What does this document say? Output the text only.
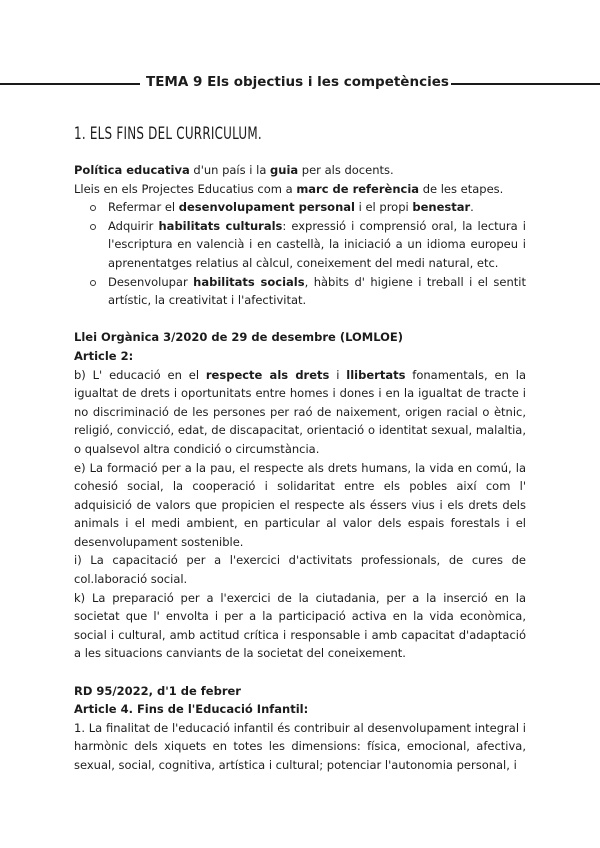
TEMA 9 Els objectius i les competències
1. ELS FINS DEL CURRICULUM.

Política educativa d'un país i la guia per als docents.

Lleis en els Projectes Educatius com a marc de referència de les etapes.

Refermar el desenvolupament personal i el propi benestar.
Adquirir habilitats culturals: expressió i comprensió oral, la lectura i l'escriptura en valencià i en castellà, la iniciació a un idioma europeu i aprenentatges relatius al càlcul, coneixement del medi natural, etc.
Desenvolupar habilitats socials, hàbits d' higiene i treball i el sentit artístic, la creativitat i l'afectivitat.

Llei Orgànica 3/2020 de 29 de desembre (LOMLOE)

Article 2:

b) L' educació en el respecte als drets i llibertats fonamentals, en la igualtat de drets i oportunitats entre homes i dones i en la igualtat de tracte i no discriminació de les persones per raó de naixement, origen racial o ètnic, religió, convicció, edat, de discapacitat, orientació o identitat sexual, malaltia, o qualsevol altra condició o circumstància.

e) La formació per a la pau, el respecte als drets humans, la vida en comú, la cohesió social, la cooperació i solidaritat entre els pobles així com l' adquisició de valors que propicien el respecte als éssers vius i els drets dels animals i el medi ambient, en particular al valor dels espais forestals i el desenvolupament sostenible.

i) La capacitació per a l'exercici d'activitats professionals, de cures de col.laboració social.

k) La preparació per a l'exercici de la ciutadania, per a la inserció en la societat que l' envolta i per a la participació activa en la vida econòmica, social i cultural, amb actitud crítica i responsable i amb capacitat d'adaptació a les situacions canviants de la societat del coneixement.

RD 95/2022, d'1 de febrer

Article 4. Fins de l'Educació Infantil:

1. La finalitat de l'educació infantil és contribuir al desenvolupament integral i harmònic dels xiquets en totes les dimensions: física, emocional, afectiva, sexual, social, cognitiva, artística i cultural; potenciar l'autonomia personal, i
